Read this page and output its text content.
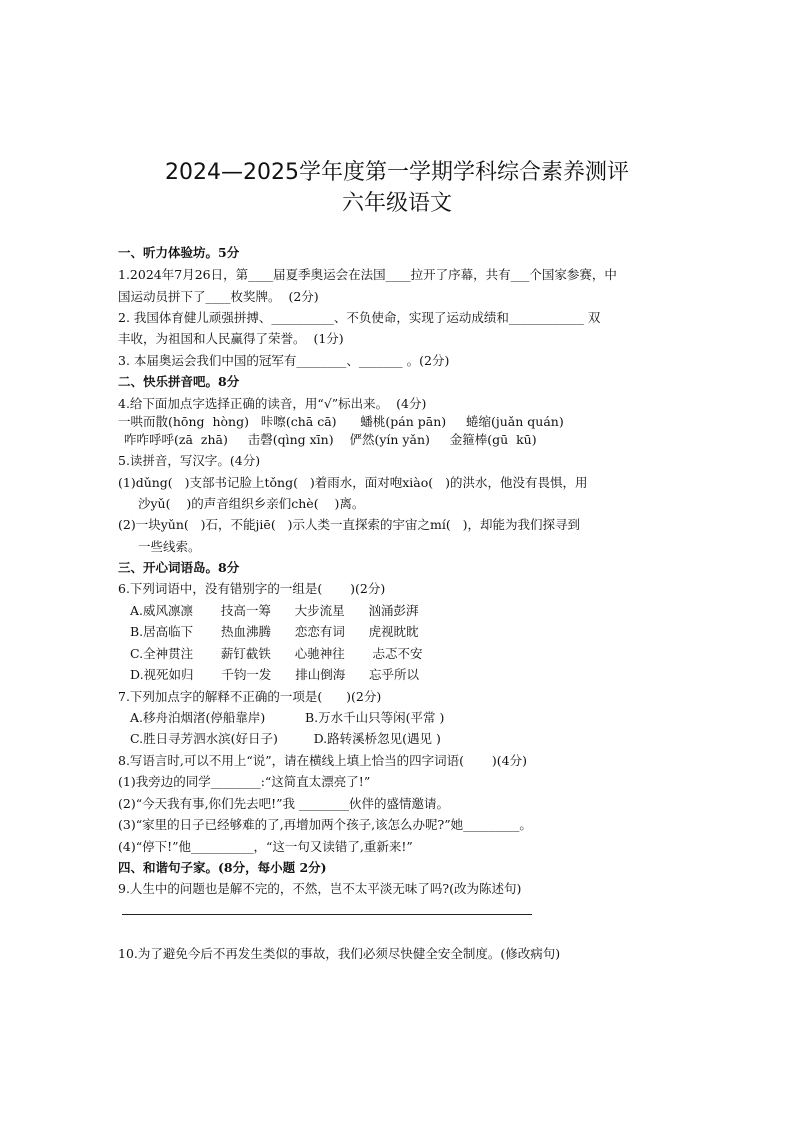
2024—2025学年度第一学期学科综合素养测评
六年级语文
一、听力体验坊。5分
1.2024年7月26日，第____届夏季奥运会在法国____拉开了序幕，共有___个国家参赛，中
国运动员拼下了____枚奖牌。  (2分)
2. 我国体育健儿顽强拼搏、__________、不负使命，实现了运动成绩和____________ 双
丰收，为祖国和人民赢得了荣誉。  (1分)
3. 本届奥运会我们中国的冠军有________、_______ 。(2分)
二、快乐拼音吧。8分
4.给下面加点字选择正确的读音，用“√”标出来。  (4分)
一哄而散(hōng  hòng)   咔嚓(chā cā)      蟠桃(pán pān)     蜷缩(juǎn quán)
咋咋呼呼(zā  zhā)     击磬(qìng xīn)    俨然(yín yǎn)     金箍棒(gū  kū)
5.读拼音，写汉字。(4分)
(1)dǔng(   )支部书记脸上tǒng(   )着雨水，面对咆xiào(   )的洪水，他没有畏惧，用
沙yǔ(    )的声音组织乡亲们chè(    )离。
(2)一块yǔn(   )石，不能jiē(   )示人类一直探索的宇宙之mí(   )，却能为我们探寻到
一些线索。
三、开心词语岛。8分
6.下列词语中，没有错别字的一组是(       )(2分)
A.威风凛凛       技高一筹      大步流星      汹涌彭湃
B.居高临下       热血沸腾      恋恋有词      虎视眈眈
C.全神贯注       薪钉截铁      心驰神往       忐忑不安
D.视死如归       千钧一发      排山倒海      忘乎所以
7.下列加点字的解释不正确的一项是(      )(2分)
A.移舟泊烟渚(停船靠岸)          B.万水千山只等闲(平常 )
C.胜日寻芳泗水滨(好日子)         D.路转溪桥忽见(遇见 )
8.写语言时,可以不用上“说”，请在横线上填上恰当的四字词语(       )(4分)
(1)我旁边的同学________:“这简直太漂亮了!”
(2)“今天我有事,你们先去吧!”我 ________伙伴的盛情邀请。
(3)“家里的日子已经够难的了,再增加两个孩子,该怎么办呢?”她_________。
(4)“停下!”他__________，“这一句又读错了,重新来!”
四、和谐句子家。(8分，每小题 2分)
9.人生中的问题也是解不完的，不然，岂不太平淡无味了吗?(改为陈述句)
10.为了避免今后不再发生类似的事故，我们必须尽快健全安全制度。(修改病句)
